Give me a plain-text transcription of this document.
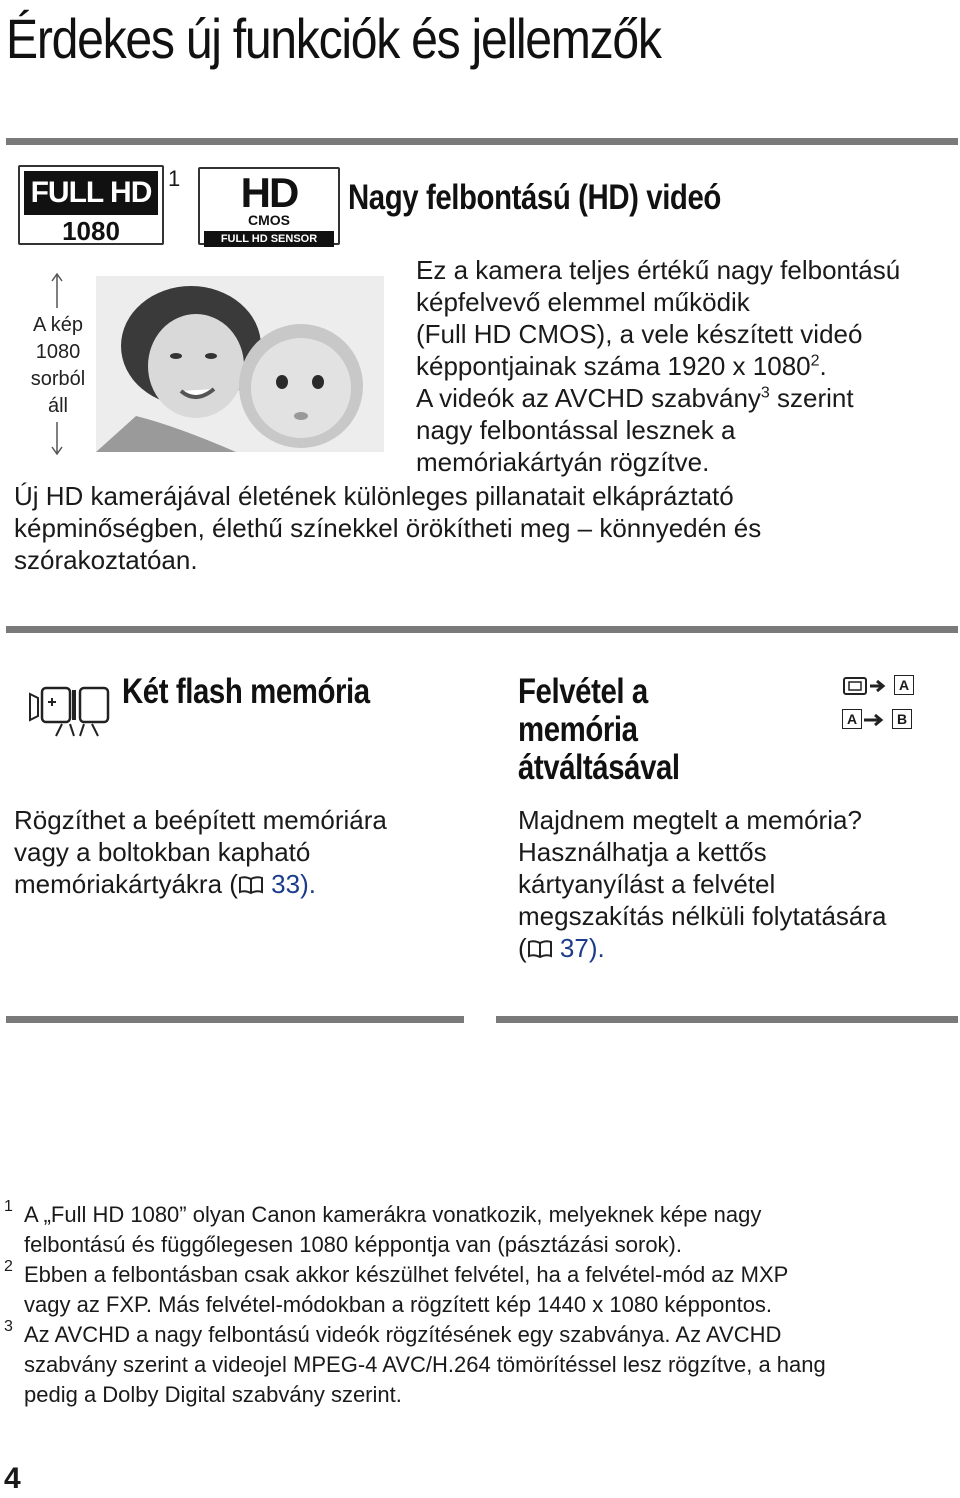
Érdekes új funkciók és jellemzők
FULL HD
1080
1	HD
CMOS
FULL HD SENSOR
Nagy felbontású (HD) videó
A kép
1080
sorból
áll

Ez a kamera teljes értékű nagy felbontású

képfelvevő elemmel működik

(Full HD CMOS), a vele készített videó

képpontjainak száma 1920 x 1080$^2$.

A videók az AVCHD szabvány$^3$ szerint

nagy felbontással lesznek a

memóriakártyán rögzítve.

Új HD kamerájával életének különleges pillanatait elkápráztató

képminőségben, élethű színekkel örökítheti meg – könnyedén és

szórakoztatóan.

Két flash memória

Rögzíthet a beépített memóriára

vagy a boltokban kapható

memóriakártyákra ( 33).

Felvétel a
memória
átváltásával
A
A	B

Majdnem megtelt a memória?

Használhatja a kettős

kártyanyílást a felvétel

megszakítás nélküli folytatására

( 37).

1 A „Full HD 1080” olyan Canon kamerákra vonatkozik, melyeknek képe nagy
felbontású és függőlegesen 1080 képpontja van (pásztázási sorok).
2 Ebben a felbontásban csak akkor készülhet felvétel, ha a felvétel-mód az MXP
vagy az FXP. Más felvétel-módokban a rögzített kép 1440 x 1080 képpontos.
3 Az AVCHD a nagy felbontású videók rögzítésének egy szabványa. Az AVCHD
szabvány szerint a videojel MPEG-4 AVC/H.264 tömörítéssel lesz rögzítve, a hang
pedig a Dolby Digital szabvány szerint.
4
